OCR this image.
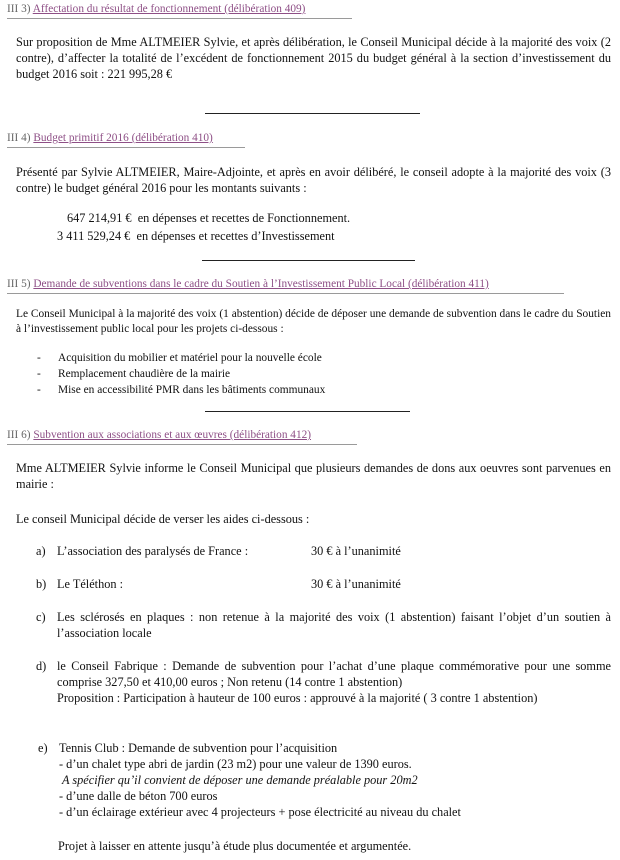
III 3) Affectation du résultat de fonctionnement (délibération 409)
Sur proposition de Mme ALTMEIER Sylvie, et après délibération, le Conseil Municipal décide à la majorité des voix (2 contre), d’affecter la totalité de l’excédent de fonctionnement 2015 du budget général à la section d’investissement du budget 2016 soit : 221 995,28 €
III 4) Budget primitif 2016 (délibération 410)
Présenté par Sylvie ALTMEIER, Maire-Adjointe, et après en avoir délibéré, le conseil adopte à la majorité des voix (3 contre) le budget général 2016 pour les montants suivants :
647 214,91 € en dépenses et recettes de Fonctionnement.
3 411 529,24 € en dépenses et recettes d’Investissement
III 5) Demande de subventions dans le cadre du Soutien à l’Investissement Public Local (délibération 411)
Le Conseil Municipal à la majorité des voix (1 abstention) décide de déposer une demande de subvention dans le cadre du Soutien à l’investissement public local pour les projets ci-dessous :
- Acquisition du mobilier et matériel pour la nouvelle école
- Remplacement chaudière de la mairie
- Mise en accessibilité PMR dans les bâtiments communaux
III 6) Subvention aux associations et aux œuvres (délibération 412)
Mme ALTMEIER Sylvie informe le Conseil Municipal que plusieurs demandes de dons aux oeuvres sont parvenues en mairie :
Le conseil Municipal décide de verser les aides ci-dessous :
a) L’association des paralysés de France :	30 € à l’unanimité
b) Le Téléthon :	30 € à l’unanimité
c) Les sclérosés en plaques : non retenue à la majorité des voix (1 abstention) faisant l’objet d’un soutien à l’association locale
d) le Conseil Fabrique : Demande de subvention pour l’achat d’une plaque commémorative pour une somme comprise 327,50 et 410,00 euros ; Non retenu (14 contre 1 abstention)
Proposition : Participation à hauteur de 100 euros : approuvé à la majorité ( 3 contre 1 abstention)
e) Tennis Club : Demande de subvention pour l’acquisition
- d’un chalet type abri de jardin (23 m2) pour une valeur de 1390 euros.
A spécifier qu’il convient de déposer une demande préalable pour 20m2
- d’une dalle de béton 700 euros
- d’un éclairage extérieur avec 4 projecteurs + pose électricité au niveau du chalet
Projet à laisser en attente jusqu’à étude plus documentée et argumentée.
